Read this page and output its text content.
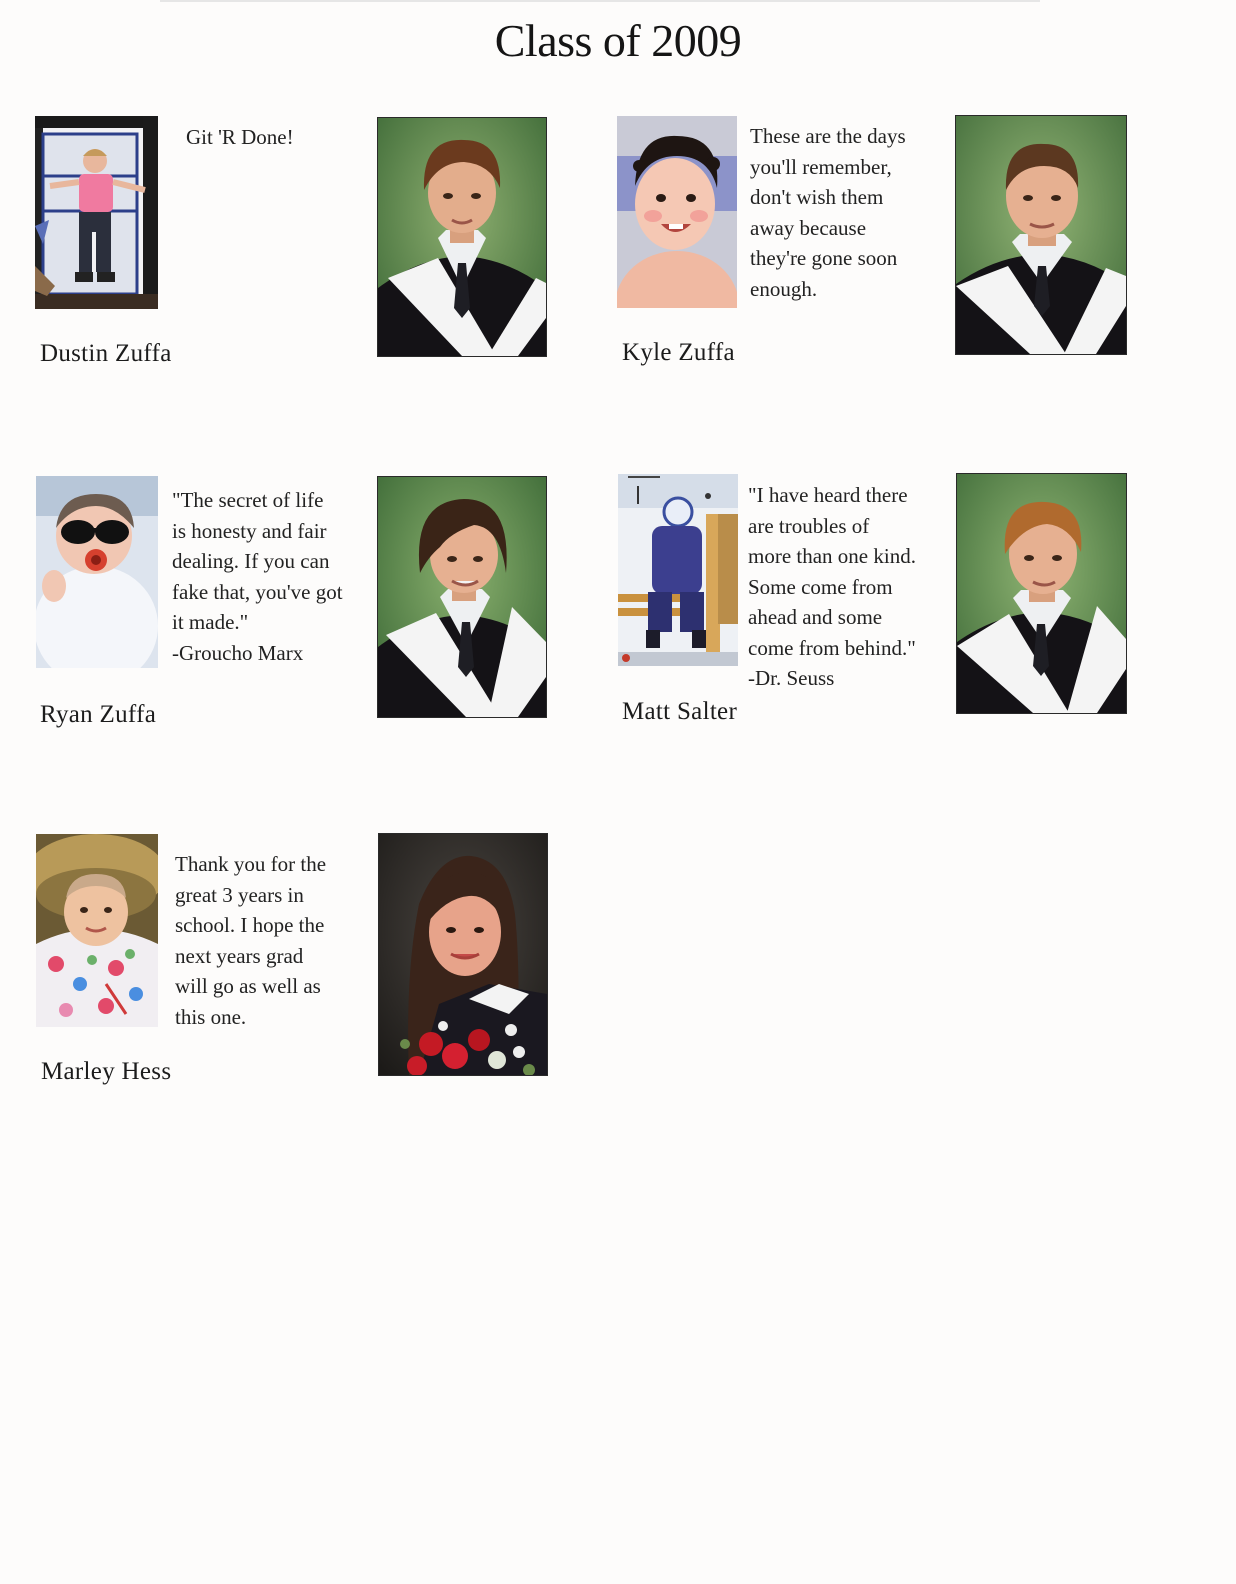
Class of 2009
Git 'R Done!
Dustin Zuffa
These are the days
you'll remember,
don't wish them
away because
they're gone soon
enough.
Kyle Zuffa
"The secret of life
is honesty and fair
dealing. If you can
fake that, you've got
it made."
-Groucho Marx
Ryan Zuffa
"I have heard there
are troubles of
more than one kind.
Some come from
ahead and some
come from behind."
-Dr. Seuss
Matt Salter
Thank you for the
great 3 years in
school. I hope the
next years grad
will go as well as
this one.
Marley Hess
